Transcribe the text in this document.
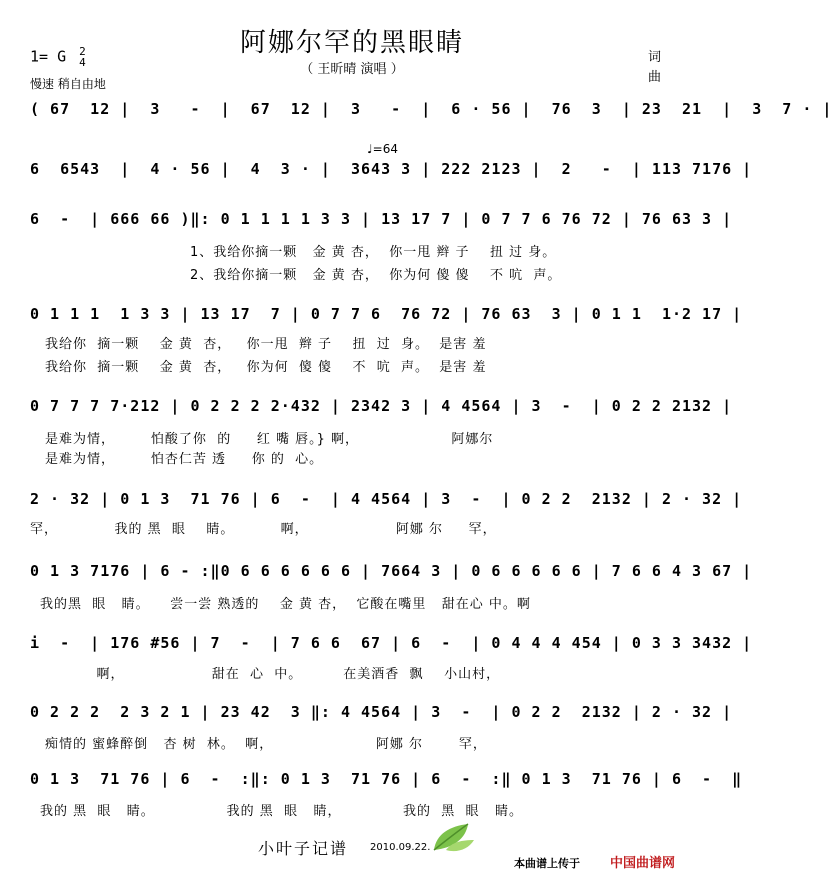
阿娜尔罕的黑眼睛
（ 王昕晴 演唱 ）
1= G 2
4
慢速 稍自由地
词
曲
♩=64
( 67  12 |  3   -  |  67  12 |  3   -  |  6 · 56 |  76  3  | 23  21  |  3  7 · |
6  6543  |  4 · 56 |  4  3 · |  3643 3 | 222 2123 |  2   -  | 113 7176 |
6  -  | 666 66 )‖: 0 1 1 1 1 3 3 | 13 17 7 | 0 7 7 6 76 72 | 76 63 3 |
0 1 1 1  1 3 3 | 13 17  7 | 0 7 7 6  76 72 | 76 63  3 | 0 1 1  1·2 17 |
0 7 7 7 7·212 | 0 2 2 2 2·432 | 2342 3 | 4 4564 | 3  -  | 0 2 2 2132 |
2 · 32 | 0 1 3  71 76 | 6  -  | 4 4564 | 3  -  | 0 2 2  2132 | 2 · 32 |
0 1 3 7176 | 6 - :‖0 6 6 6 6 6 6 | 7664 3 | 0 6 6 6 6 6 | 7 6 6 4 3 67 |
i  -  | 176 #56 | 7  -  | 7 6 6  67 | 6  -  | 0 4 4 4 454 | 0 3 3 3432 |
0 2 2 2  2 3 2 1 | 23 42  3 ‖: 4 4564 | 3  -  | 0 2 2  2132 | 2 · 32 |
0 1 3  71 76 | 6  -  :‖: 0 1 3  71 76 | 6  -  :‖ 0 1 3  71 76 | 6  -  ‖
1、我给你摘一颗   金 黄 杏，  你一甩 辫 子    扭 过 身。
2、我给你摘一颗   金 黄 杏，  你为何 傻 傻    不 吭  声。
我给你  摘一颗    金 黄  杏，   你一甩  辫 子    扭  过  身。  是害 羞
我给你  摘一颗    金 黄  杏，   你为何  傻 傻    不  吭  声。  是害 羞
是难为情，       怕酸了你  的     红 嘴 唇。} 啊，                  阿娜尔
是难为情，       怕杏仁苦 透     你 的  心。
罕，           我的 黑  眼    睛。         啊，                 阿娜 尔     罕，
我的黑  眼   睛。    尝一尝 熟透的    金 黄 杏，  它酸在嘴里   甜在心 中。啊
啊，                 甜在  心  中。        在美酒香  飘    小山村，
痴情的 蜜蜂醉倒   杏 树  林。  啊，                    阿娜 尔       罕，
我的 黑  眼   睛。              我的 黑  眼   睛，            我的  黑  眼   睛。
小叶子记谱 2010.09.22.
本曲谱上传于 中国曲谱网
